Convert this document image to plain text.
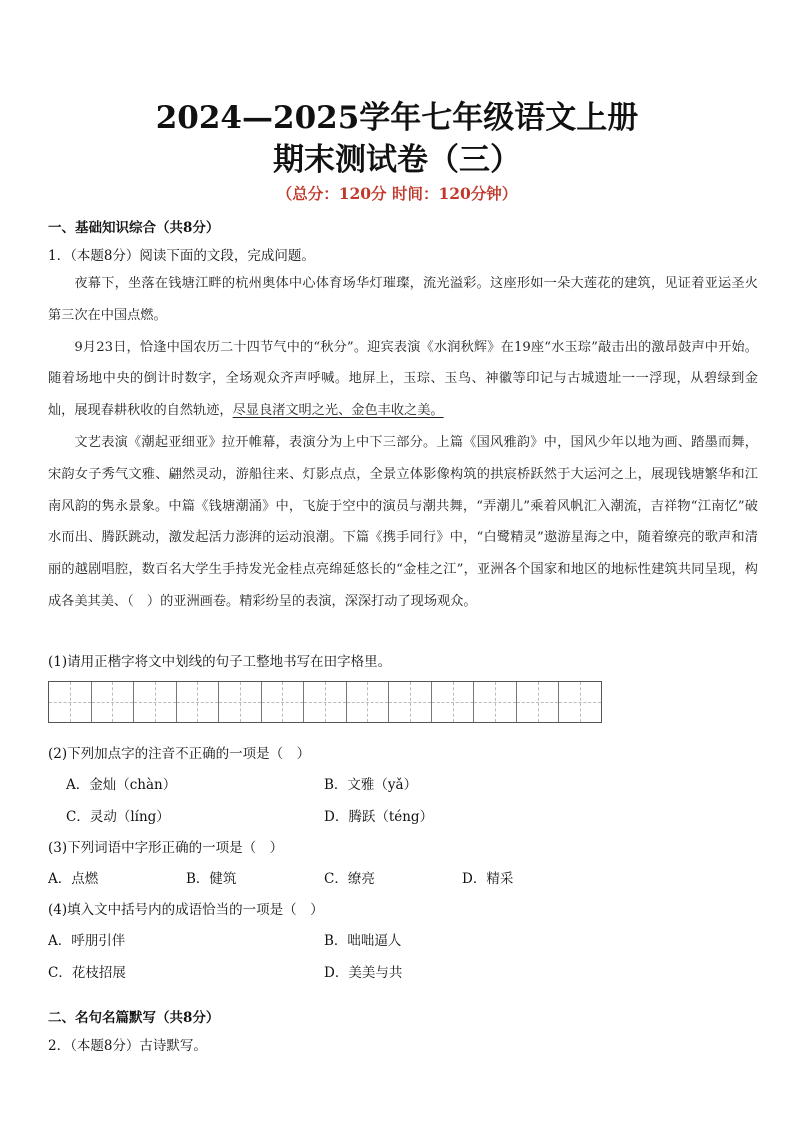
2024—2025学年七年级语文上册
期末测试卷（三）
（总分：120分 时间：120分钟）
一、基础知识综合（共8分）
1．（本题8分）阅读下面的文段，完成问题。

夜幕下，坐落在钱塘江畔的杭州奥体中心体育场华灯璀璨，流光溢彩。这座形如一朵大莲花的建筑，见证着亚运圣火第三次在中国点燃。

9月23日，恰逢中国农历二十四节气中的“秋分”。迎宾表演《水润秋辉》在19座“水玉琮”敲击出的激昂鼓声中开始。随着场地中央的倒计时数字，全场观众齐声呼喊。地屏上，玉琮、玉鸟、神徽等印记与古城遗址一一浮现，从碧绿到金灿，展现春耕秋收的自然轨迹，尽显良渚文明之光、金色丰收之美。

文艺表演《潮起亚细亚》拉开帷幕，表演分为上中下三部分。上篇《国风雅韵》中，国风少年以地为画、踏墨而舞，宋韵女子秀气文雅、翩然灵动，游船往来、灯影点点，全景立体影像构筑的拱宸桥跃然于大运河之上，展现钱塘繁华和江南风韵的隽永景象。中篇《钱塘潮涌》中，飞旋于空中的演员与潮共舞，“弄潮儿”乘着风帆汇入潮流，吉祥物“江南忆”破水而出、腾跃跳动，激发起活力澎湃的运动浪潮。下篇《携手同行》中，“白鹭精灵”遨游星海之中，随着缭亮的歌声和清丽的越剧唱腔，数百名大学生手持发光金桂点亮绵延悠长的“金桂之江”，亚洲各个国家和地区的地标性建筑共同呈现，构成各美其美、（　）的亚洲画卷。精彩纷呈的表演，深深打动了现场观众。

(1)请用正楷字将文中划线的句子工整地书写在田字格里。
(2)下列加点字的注音不正确的一项是（　）
A．金灿（chàn）	B．文雅（yǎ）
C．灵动（líng）	D．腾跃（téng）
(3)下列词语中字形正确的一项是（　）
A．点燃	B．健筑	C．缭亮	D．精采
(4)填入文中括号内的成语恰当的一项是（　）
A．呼朋引伴	B．咄咄逼人
C．花枝招展	D．美美与共
二、名句名篇默写（共8分）
2．（本题8分）古诗默写。
